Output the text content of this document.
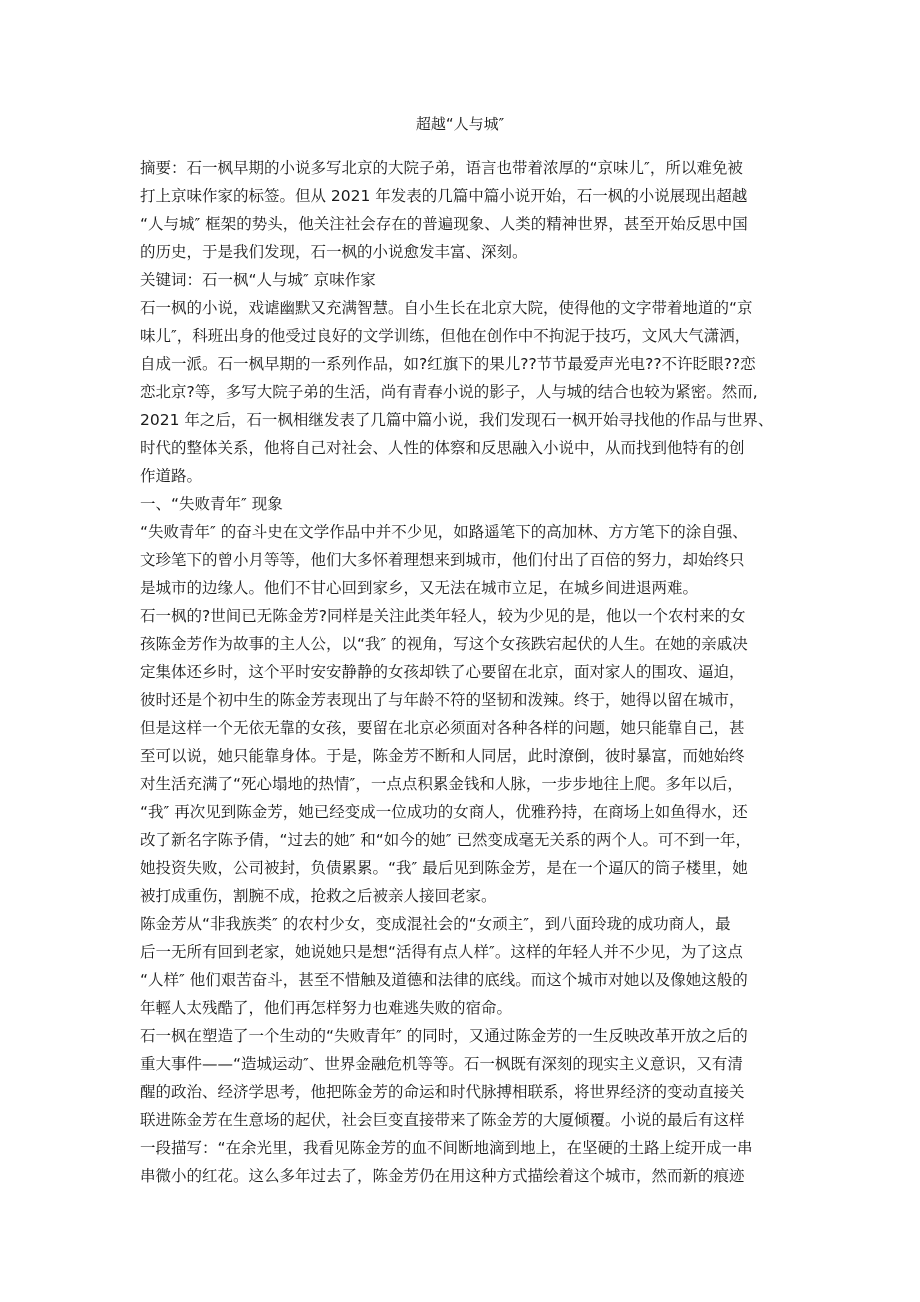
超越“人与城″
摘要：石一枫早期的小说多写北京的大院子弟，语言也带着浓厚的“京味儿″，所以难免被
打上京味作家的标签。但从 2021 年发表的几篇中篇小说开始，石一枫的小说展现出超越
“人与城″ 框架的势头，他关注社会存在的普遍现象、人类的精神世界，甚至开始反思中国
的历史，于是我们发现，石一枫的小说愈发丰富、深刻。
关键词：石一枫“人与城″ 京味作家
石一枫的小说，戏谑幽默又充满智慧。自小生长在北京大院，使得他的文字带着地道的“京
味儿″，科班出身的他受过良好的文学训练，但他在创作中不拘泥于技巧，文风大气潇洒，
自成一派。石一枫早期的一系列作品，如?红旗下的果儿??节节最爱声光电??不许眨眼??恋
恋北京?等，多写大院子弟的生活，尚有青春小说的影子，人与城的结合也较为紧密。然而,
2021 年之后，石一枫相继发表了几篇中篇小说，我们发现石一枫开始寻找他的作品与世界、
时代的整体关系，他将自己对社会、人性的体察和反思融入小说中，从而找到他特有的创
作道路。
一、“失败青年″ 现象
“失败青年″ 的奋斗史在文学作品中并不少见，如路遥笔下的高加林、方方笔下的涂自强、
文珍笔下的曾小月等等，他们大多怀着理想来到城市，他们付出了百倍的努力，却始终只
是城市的边缘人。他们不甘心回到家乡，又无法在城市立足，在城乡间进退两难。
石一枫的?世间已无陈金芳?同样是关注此类年轻人，较为少见的是，他以一个农村来的女
孩陈金芳作为故事的主人公，以“我″ 的视角，写这个女孩跌宕起伏的人生。在她的亲戚决
定集体还乡时，这个平时安安静静的女孩却铁了心要留在北京，面对家人的围攻、逼迫，
彼时还是个初中生的陈金芳表现出了与年龄不符的坚韧和泼辣。终于，她得以留在城市，
但是这样一个无依无靠的女孩，要留在北京必须面对各种各样的问题，她只能靠自己，甚
至可以说，她只能靠身体。于是，陈金芳不断和人同居，此时潦倒，彼时暴富，而她始终
对生活充满了“死心塌地的热情″，一点点积累金钱和人脉，一步步地往上爬。多年以后，
“我″ 再次见到陈金芳，她已经变成一位成功的女商人，优雅矜持，在商场上如鱼得水，还
改了新名字陈予倩，“过去的她″ 和“如今的她″ 已然变成毫无关系的两个人。可不到一年，
她投资失败，公司被封，负债累累。“我″ 最后见到陈金芳，是在一个逼仄的筒子楼里，她
被打成重伤，割腕不成，抢救之后被亲人接回老家。
陈金芳从“非我族类″ 的农村少女，变成混社会的“女顽主″，到八面玲珑的成功商人，最
后一无所有回到老家，她说她只是想“活得有点人样″。这样的年轻人并不少见，为了这点
“人样″ 他们艰苦奋斗，甚至不惜触及道德和法律的底线。而这个城市对她以及像她这般的
年輕人太残酷了，他们再怎样努力也难逃失败的宿命。
石一枫在塑造了一个生动的“失败青年″ 的同时，又通过陈金芳的一生反映改革开放之后的
重大事件——“造城运动″、世界金融危机等等。石一枫既有深刻的现实主义意识，又有清
醒的政治、经济学思考，他把陈金芳的命运和时代脉搏相联系，将世界经济的变动直接关
联进陈金芳在生意场的起伏，社会巨变直接带来了陈金芳的大厦倾覆。小说的最后有这样
一段描写：“在余光里，我看见陈金芳的血不间断地滴到地上，在坚硬的土路上绽开成一串
串微小的红花。这么多年过去了，陈金芳仍在用这种方式描绘着这个城市，然而新的痕迹
